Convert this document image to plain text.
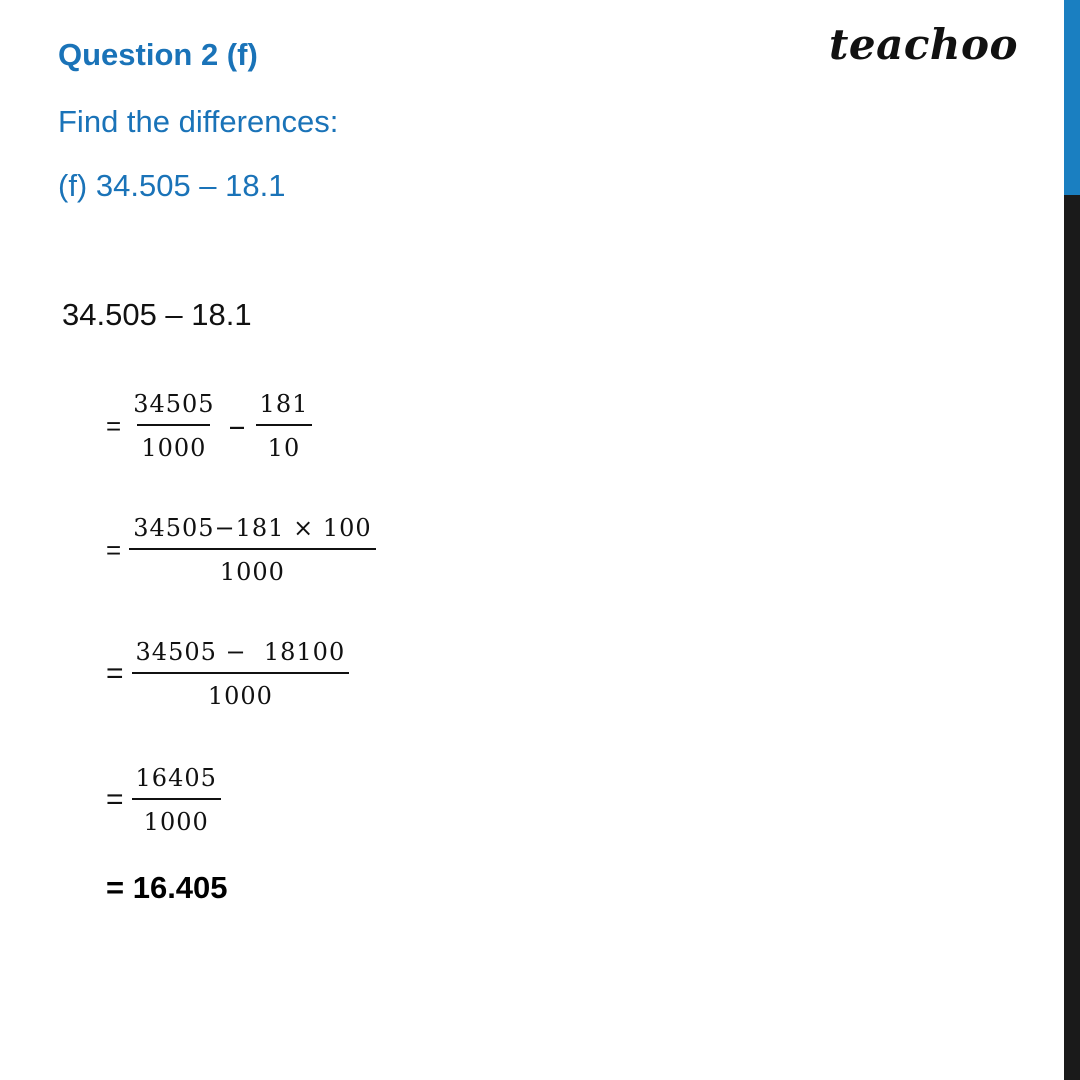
Question 2 (f)
Find the differences:
(f) 34.505 – 18.1
teachoo
34.505 – 18.1
= $\frac{34505}{1000} - \frac{181}{10}$
= $\frac{34505-181 \times 100}{1000}$
= $\frac{34505 - 18100}{1000}$
= $\frac{16405}{1000}$
= 16.405
